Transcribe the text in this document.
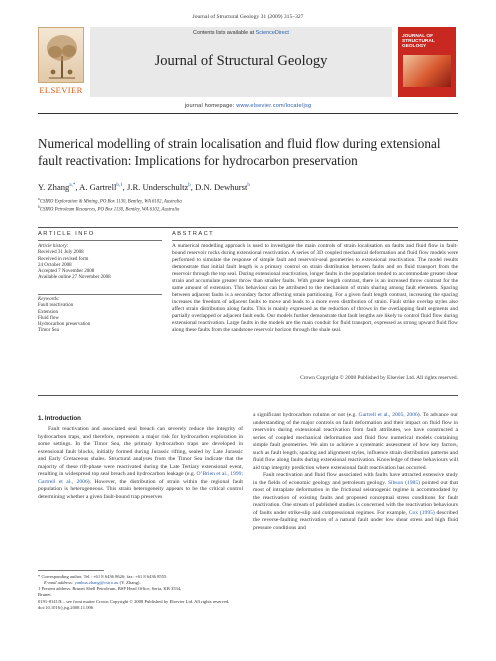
Journal of Structural Geology 31 (2009) 315–327
ELSEVIER
Contents lists available at ScienceDirect
Journal of Structural Geology
JOURNAL OF STRUCTURAL GEOLOGY
journal homepage: www.elsevier.com/locate/jsg
Numerical modelling of strain localisation and fluid flow during extensional
fault reactivation: Implications for hydrocarbon preservation
Y. Zhang$^{a,*}$, A. Gartrell$^{b,1}$, J.R. Underschultz$^b$, D.N. Dewhurst$^b$
$^a$CSIRO Exploration & Mining, PO Box 1130, Bentley, WA 6102, Australia
$^b$CSIRO Petroleum Resources, PO Box 1130, Bentley, WA 6102, Australia
ARTICLE INFO	ABSTRACT
Article history:
Received 31 July 2008
Received in revised form
24 October 2008
Accepted 7 November 2008
Available online 27 November 2008
Keywords:
Fault reactivation
Extension
Fluid flow
Hydrocarbon preservation
Timor Sea
A numerical modelling approach is used to investigate the main controls of strain localisation on faults and fluid flow in fault-bound reservoir rocks during extensional reactivation. A series of 3D coupled mechanical deformation and fluid flow models were performed to simulate the response of simple fault and reservoir-seal geometries to extensional reactivation. The model results demonstrate that initial fault length is a primary control on strain distribution between faults and on fluid transport from the reservoir through the top seal. During extensional reactivation, longer faults in the population tended to accommodate greater shear strain and accumulate greater throw than smaller faults. With greater length contrast, there is an increased throw contrast for the same amount of extension. This behaviour can be attributed to the mechanism of strain sharing among fault elements. Spacing between adjacent faults is a secondary factor affecting strain partitioning. For a given fault length contrast, increasing the spacing increases the freedom of adjacent faults to move and leads to a more even distribution of strain. Fault strike overlap styles also affect strain distribution along faults. This is mainly expressed as the reduction of throws in the overlapping fault segments and partially overlapped or adjacent fault ends. Our models further demonstrate that fault lengths are likely to control fluid flow during extensional reactivation. Large faults in the models are the main conduit for fluid transport, expressed as strong upward fluid flow along these faults from the sandstone reservoir horizon through the shale seal.
Crown Copyright © 2008 Published by Elsevier Ltd. All rights reserved.
1. Introduction

Fault reactivation and associated seal breach can severely reduce the integrity of hydrocarbon traps, and therefore, represents a major risk for hydrocarbon exploration in some settings. In the Timor Sea, the primary hydrocarbon traps are developed in extensional fault blocks, initially formed during Jurassic rifting, sealed by Late Jurassic and Early Cretaceous shales. Structural analyses from the Timor Sea indicate that the majority of these rift-phase were reactivated during the Late Tertiary extensional event, resulting in widespread top seal breach and hydrocarbon leakage (e.g. O’Brien et al., 1999; Gartrell et al., 2006). However, the distribution of strain within the regional fault population is heterogeneous. This strain heterogeneity appears to be the critical control determining whether a given fault-bound trap preserves

a significant hydrocarbon column or not (e.g. Gartrell et al., 2005, 2006). To advance our understanding of the major controls on fault deformation and their impact on fluid flow in reservoirs during extensional reactivation from fault attributes, we have constructed a series of coupled mechanical deformation and fluid flow numerical models containing simple fault geometries. We aim to achieve a systematic assessment of how key factors, such as fault length, spacing and alignment styles, influence strain distribution patterns and fluid flow along faults during extensional reactivation. Knowledge of these behaviours will aid trap integrity prediction where extensional fault reactivation has occurred.

Fault reactivation and fluid flow associated with faults have attracted extensive study in the fields of economic geology and petroleum geology. Sibson (1985) pointed out that most of intraplate deformation in the frictional seismogenic regime is accommodated by the reactivation of existing faults and proposed conceptual stress conditions for fault reactivation. One stream of published studies is concerned with the reactivation behaviours of faults under strike-slip and compressional regimes. For example, Cox (1995) described the reverse-faulting reactivation of a natural fault under low shear stress and high fluid pressure conditions and

* Corresponding author. Tel.: +61 8 6436 8626; fax: +61 8 6436 8555.
E-mail address: yanhua.zhang@csiro.au (Y. Zhang).
1 Present address: Brunei Shell Petroleum, BSP Head Office, Seria, KB 3534,
Brunei.
0191-8141/$ – see front matter Crown Copyright © 2008 Published by Elsevier Ltd. All rights reserved.
doi:10.1016/j.jsg.2008.11.006
